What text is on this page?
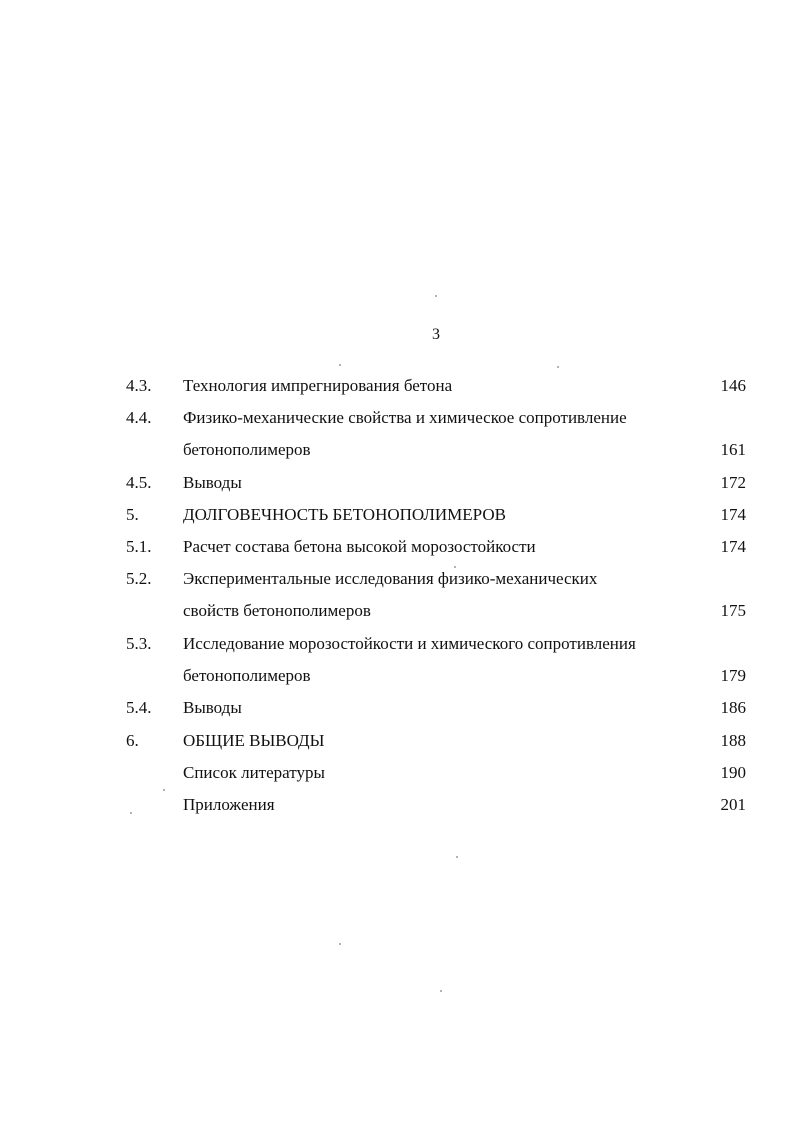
3
4.3. Технология импрегнирования бетона	146
4.4. Физико-механические свойства и химическое сопротивление
бетонополимеров	161
4.5. Выводы	172
5.	ДОЛГОВЕЧНОСТЬ БЕТОНОПОЛИМЕРОВ	174
5.1. Расчет состава бетона высокой морозостойкости	174
5.2. Экспериментальные исследования физико-механических
свойств бетонополимеров	175
5.3. Исследование морозостойкости и химического сопротивления
бетонополимеров	179
5.4. Выводы	186
6.	ОБЩИЕ ВЫВОДЫ	188
Список литературы	190
Приложения	201
